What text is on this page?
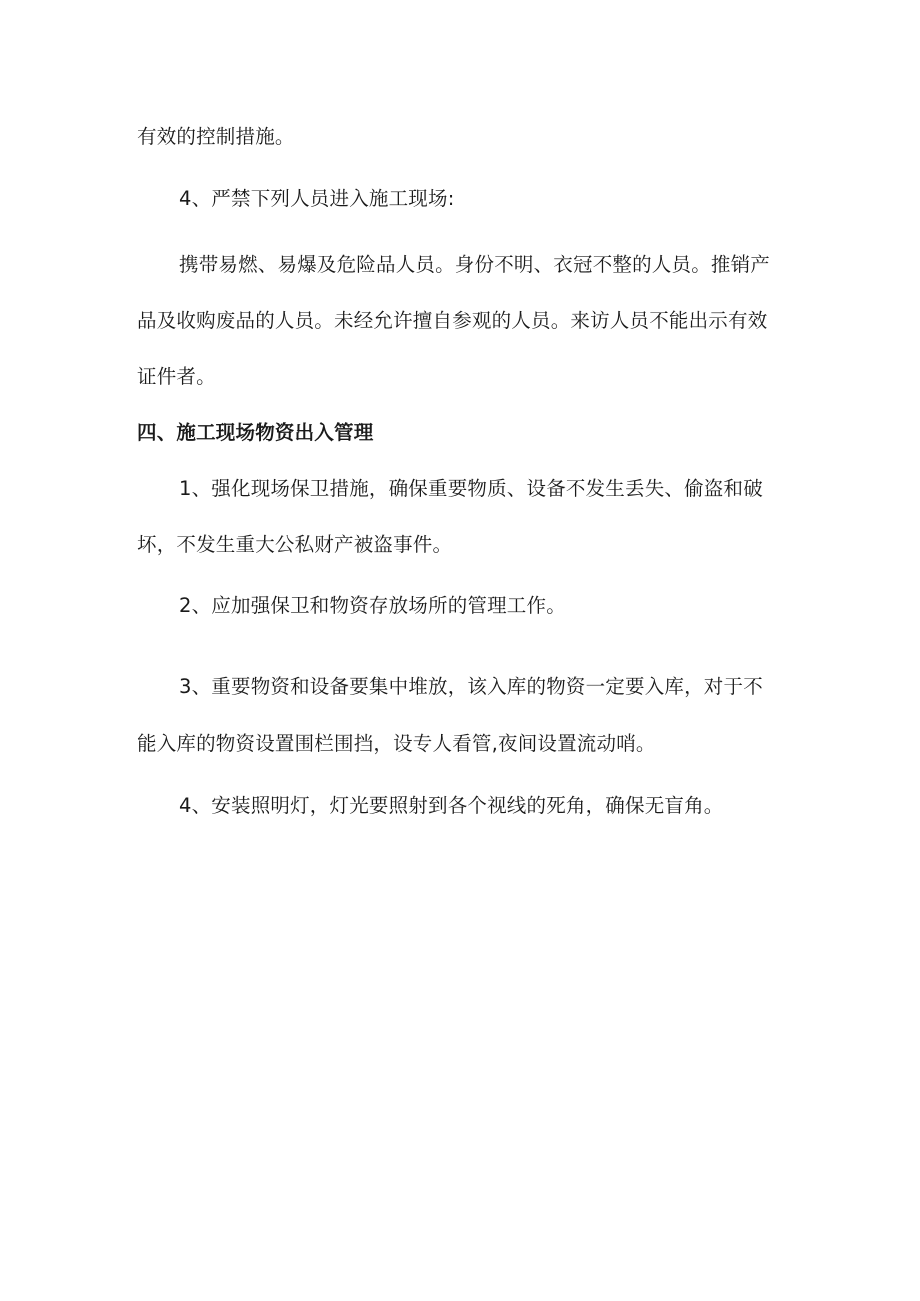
有效的控制措施。
4、严禁下列人员进入施工现场:
携带易燃、易爆及危险品人员。身份不明、衣冠不整的人员。推销产
品及收购废品的人员。未经允许擅自参观的人员。来访人员不能出示有效
证件者。
四、施工现场物资出入管理
1、强化现场保卫措施，确保重要物质、设备不发生丢失、偷盗和破
坏，不发生重大公私财产被盗事件。
2、应加强保卫和物资存放场所的管理工作。
3、重要物资和设备要集中堆放，该入库的物资一定要入库，对于不
能入库的物资设置围栏围挡，设专人看管,夜间设置流动哨。
4、安装照明灯，灯光要照射到各个视线的死角，确保无盲角。
